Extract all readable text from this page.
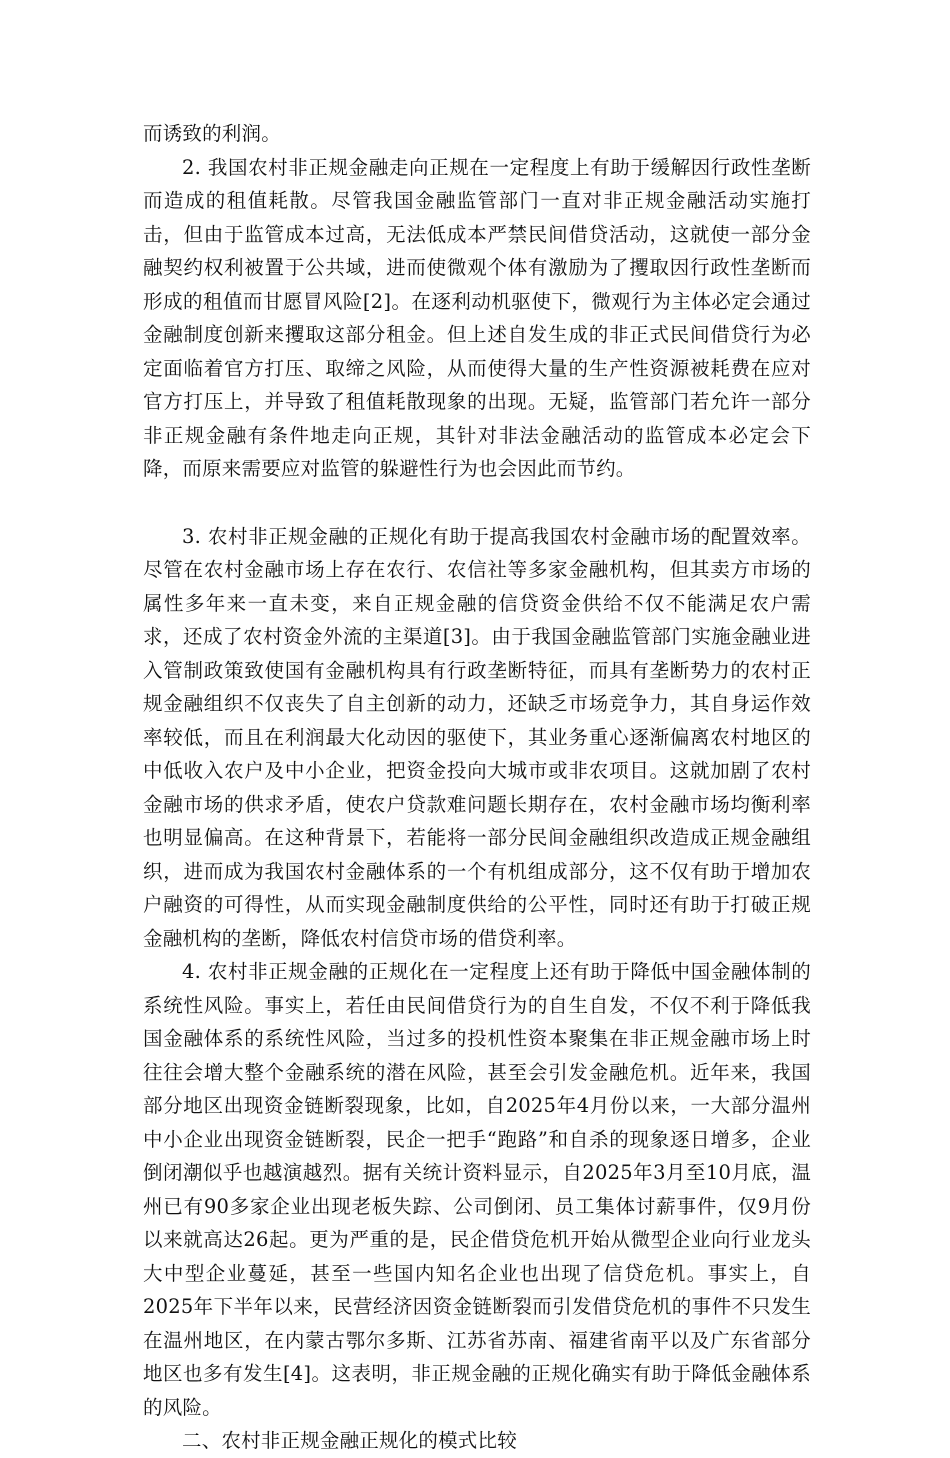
而诱致的利润。

2. 我国农村非正规金融走向正规在一定程度上有助于缓解因行政性垄断而造成的租值耗散。尽管我国金融监管部门一直对非正规金融活动实施打击，但由于监管成本过高，无法低成本严禁民间借贷活动，这就使一部分金融契约权利被置于公共域，进而使微观个体有激励为了攫取因行政性垄断而形成的租值而甘愿冒风险[2]。在逐利动机驱使下，微观行为主体必定会通过金融制度创新来攫取这部分租金。但上述自发生成的非正式民间借贷行为必定面临着官方打压、取缔之风险，从而使得大量的生产性资源被耗费在应对官方打压上，并导致了租值耗散现象的出现。无疑，监管部门若允许一部分非正规金融有条件地走向正规，其针对非法金融活动的监管成本必定会下降，而原来需要应对监管的躲避性行为也会因此而节约。

3. 农村非正规金融的正规化有助于提高我国农村金融市场的配置效率。尽管在农村金融市场上存在农行、农信社等多家金融机构，但其卖方市场的属性多年来一直未变，来自正规金融的信贷资金供给不仅不能满足农户需求，还成了农村资金外流的主渠道[3]。由于我国金融监管部门实施金融业进入管制政策致使国有金融机构具有行政垄断特征，而具有垄断势力的农村正规金融组织不仅丧失了自主创新的动力，还缺乏市场竞争力，其自身运作效率较低，而且在利润最大化动因的驱使下，其业务重心逐渐偏离农村地区的中低收入农户及中小企业，把资金投向大城市或非农项目。这就加剧了农村金融市场的供求矛盾，使农户贷款难问题长期存在，农村金融市场均衡利率也明显偏高。在这种背景下，若能将一部分民间金融组织改造成正规金融组织，进而成为我国农村金融体系的一个有机组成部分，这不仅有助于增加农户融资的可得性，从而实现金融制度供给的公平性，同时还有助于打破正规金融机构的垄断，降低农村信贷市场的借贷利率。

4. 农村非正规金融的正规化在一定程度上还有助于降低中国金融体制的系统性风险。事实上，若任由民间借贷行为的自生自发，不仅不利于降低我国金融体系的系统性风险，当过多的投机性资本聚集在非正规金融市场上时往往会增大整个金融系统的潜在风险，甚至会引发金融危机。近年来，我国部分地区出现资金链断裂现象，比如，自2025年4月份以来，一大部分温州中小企业出现资金链断裂，民企一把手“跑路”和自杀的现象逐日增多，企业倒闭潮似乎也越演越烈。据有关统计资料显示，自2025年3月至10月底，温州已有90多家企业出现老板失踪、公司倒闭、员工集体讨薪事件，仅9月份以来就高达26起。更为严重的是，民企借贷危机开始从微型企业向行业龙头大中型企业蔓延，甚至一些国内知名企业也出现了信贷危机。事实上，自2025年下半年以来，民营经济因资金链断裂而引发借贷危机的事件不只发生在温州地区，在内蒙古鄂尔多斯、江苏省苏南、福建省南平以及广东省部分地区也多有发生[4]。这表明，非正规金融的正规化确实有助于降低金融体系的风险。

二、农村非正规金融正规化的模式比较
